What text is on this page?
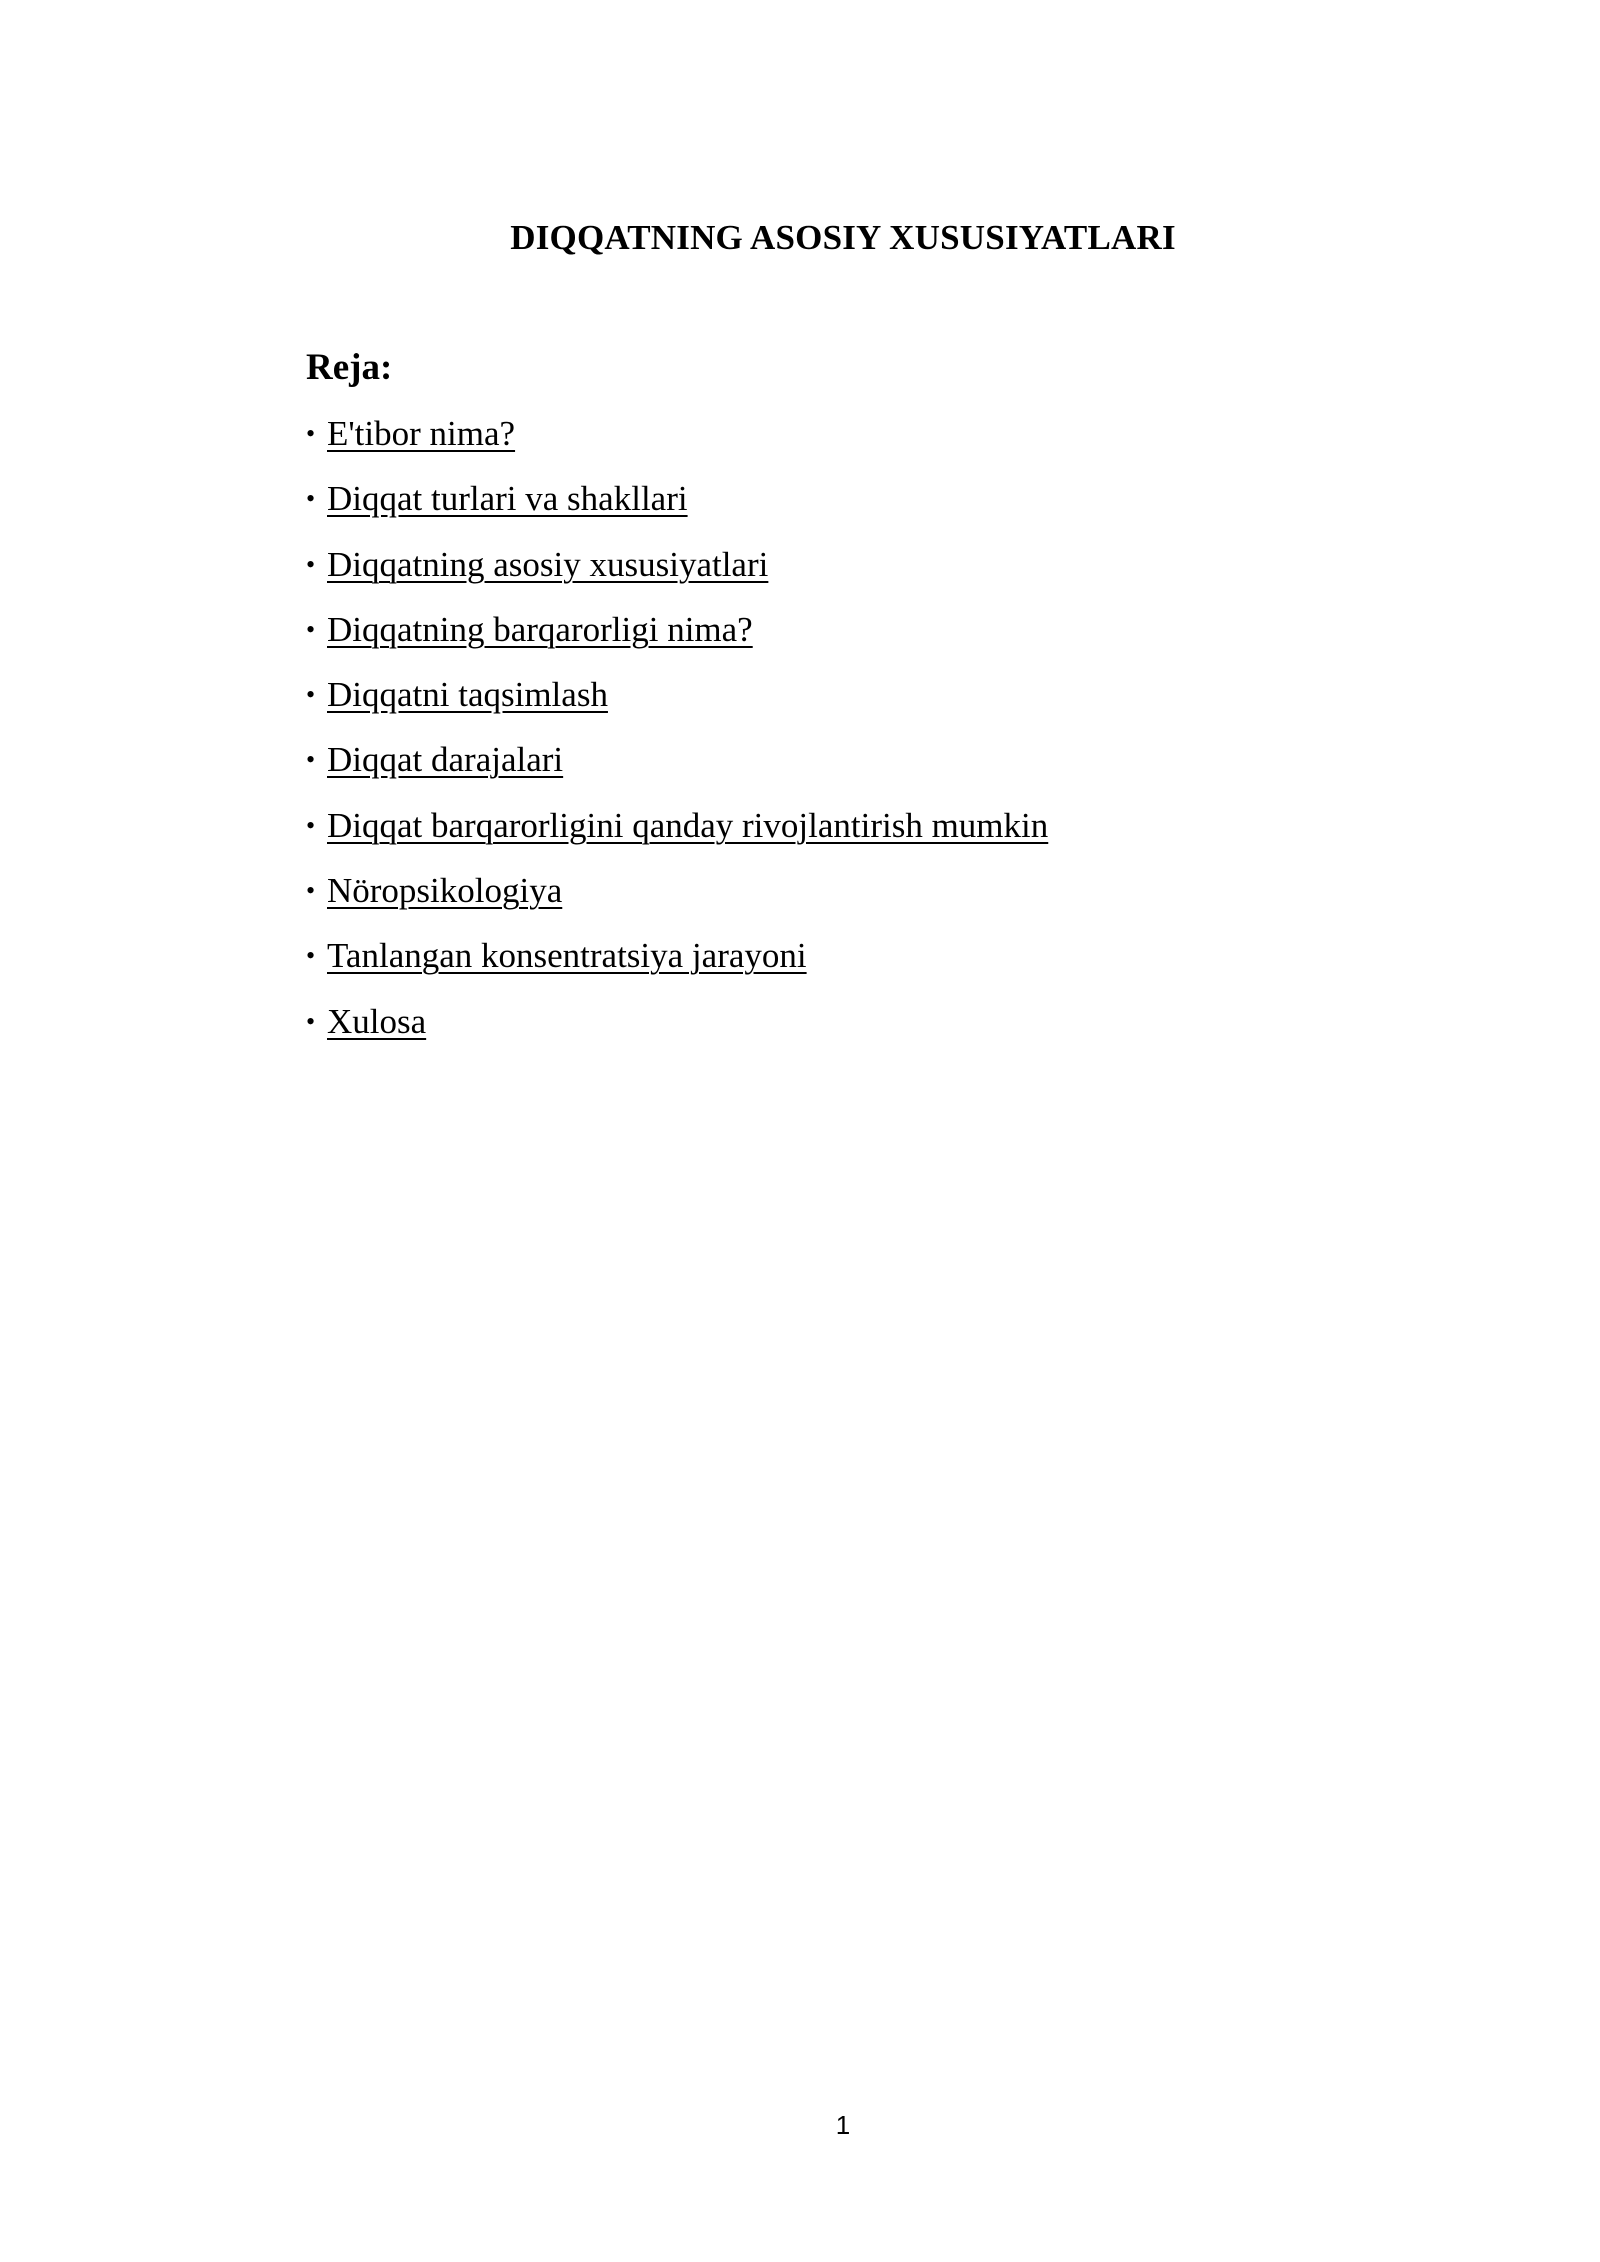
DIQQATNING ASOSIY XUSUSIYATLARI
Reja:
• E'tibor nima?
• Diqqat turlari va shakllari
• Diqqatning asosiy xususiyatlari
• Diqqatning barqarorligi nima?
• Diqqatni taqsimlash
• Diqqat darajalari
• Diqqat barqarorligini qanday rivojlantirish mumkin
• Nöropsikologiya
• Tanlangan konsentratsiya jarayoni
• Xulosa
1
